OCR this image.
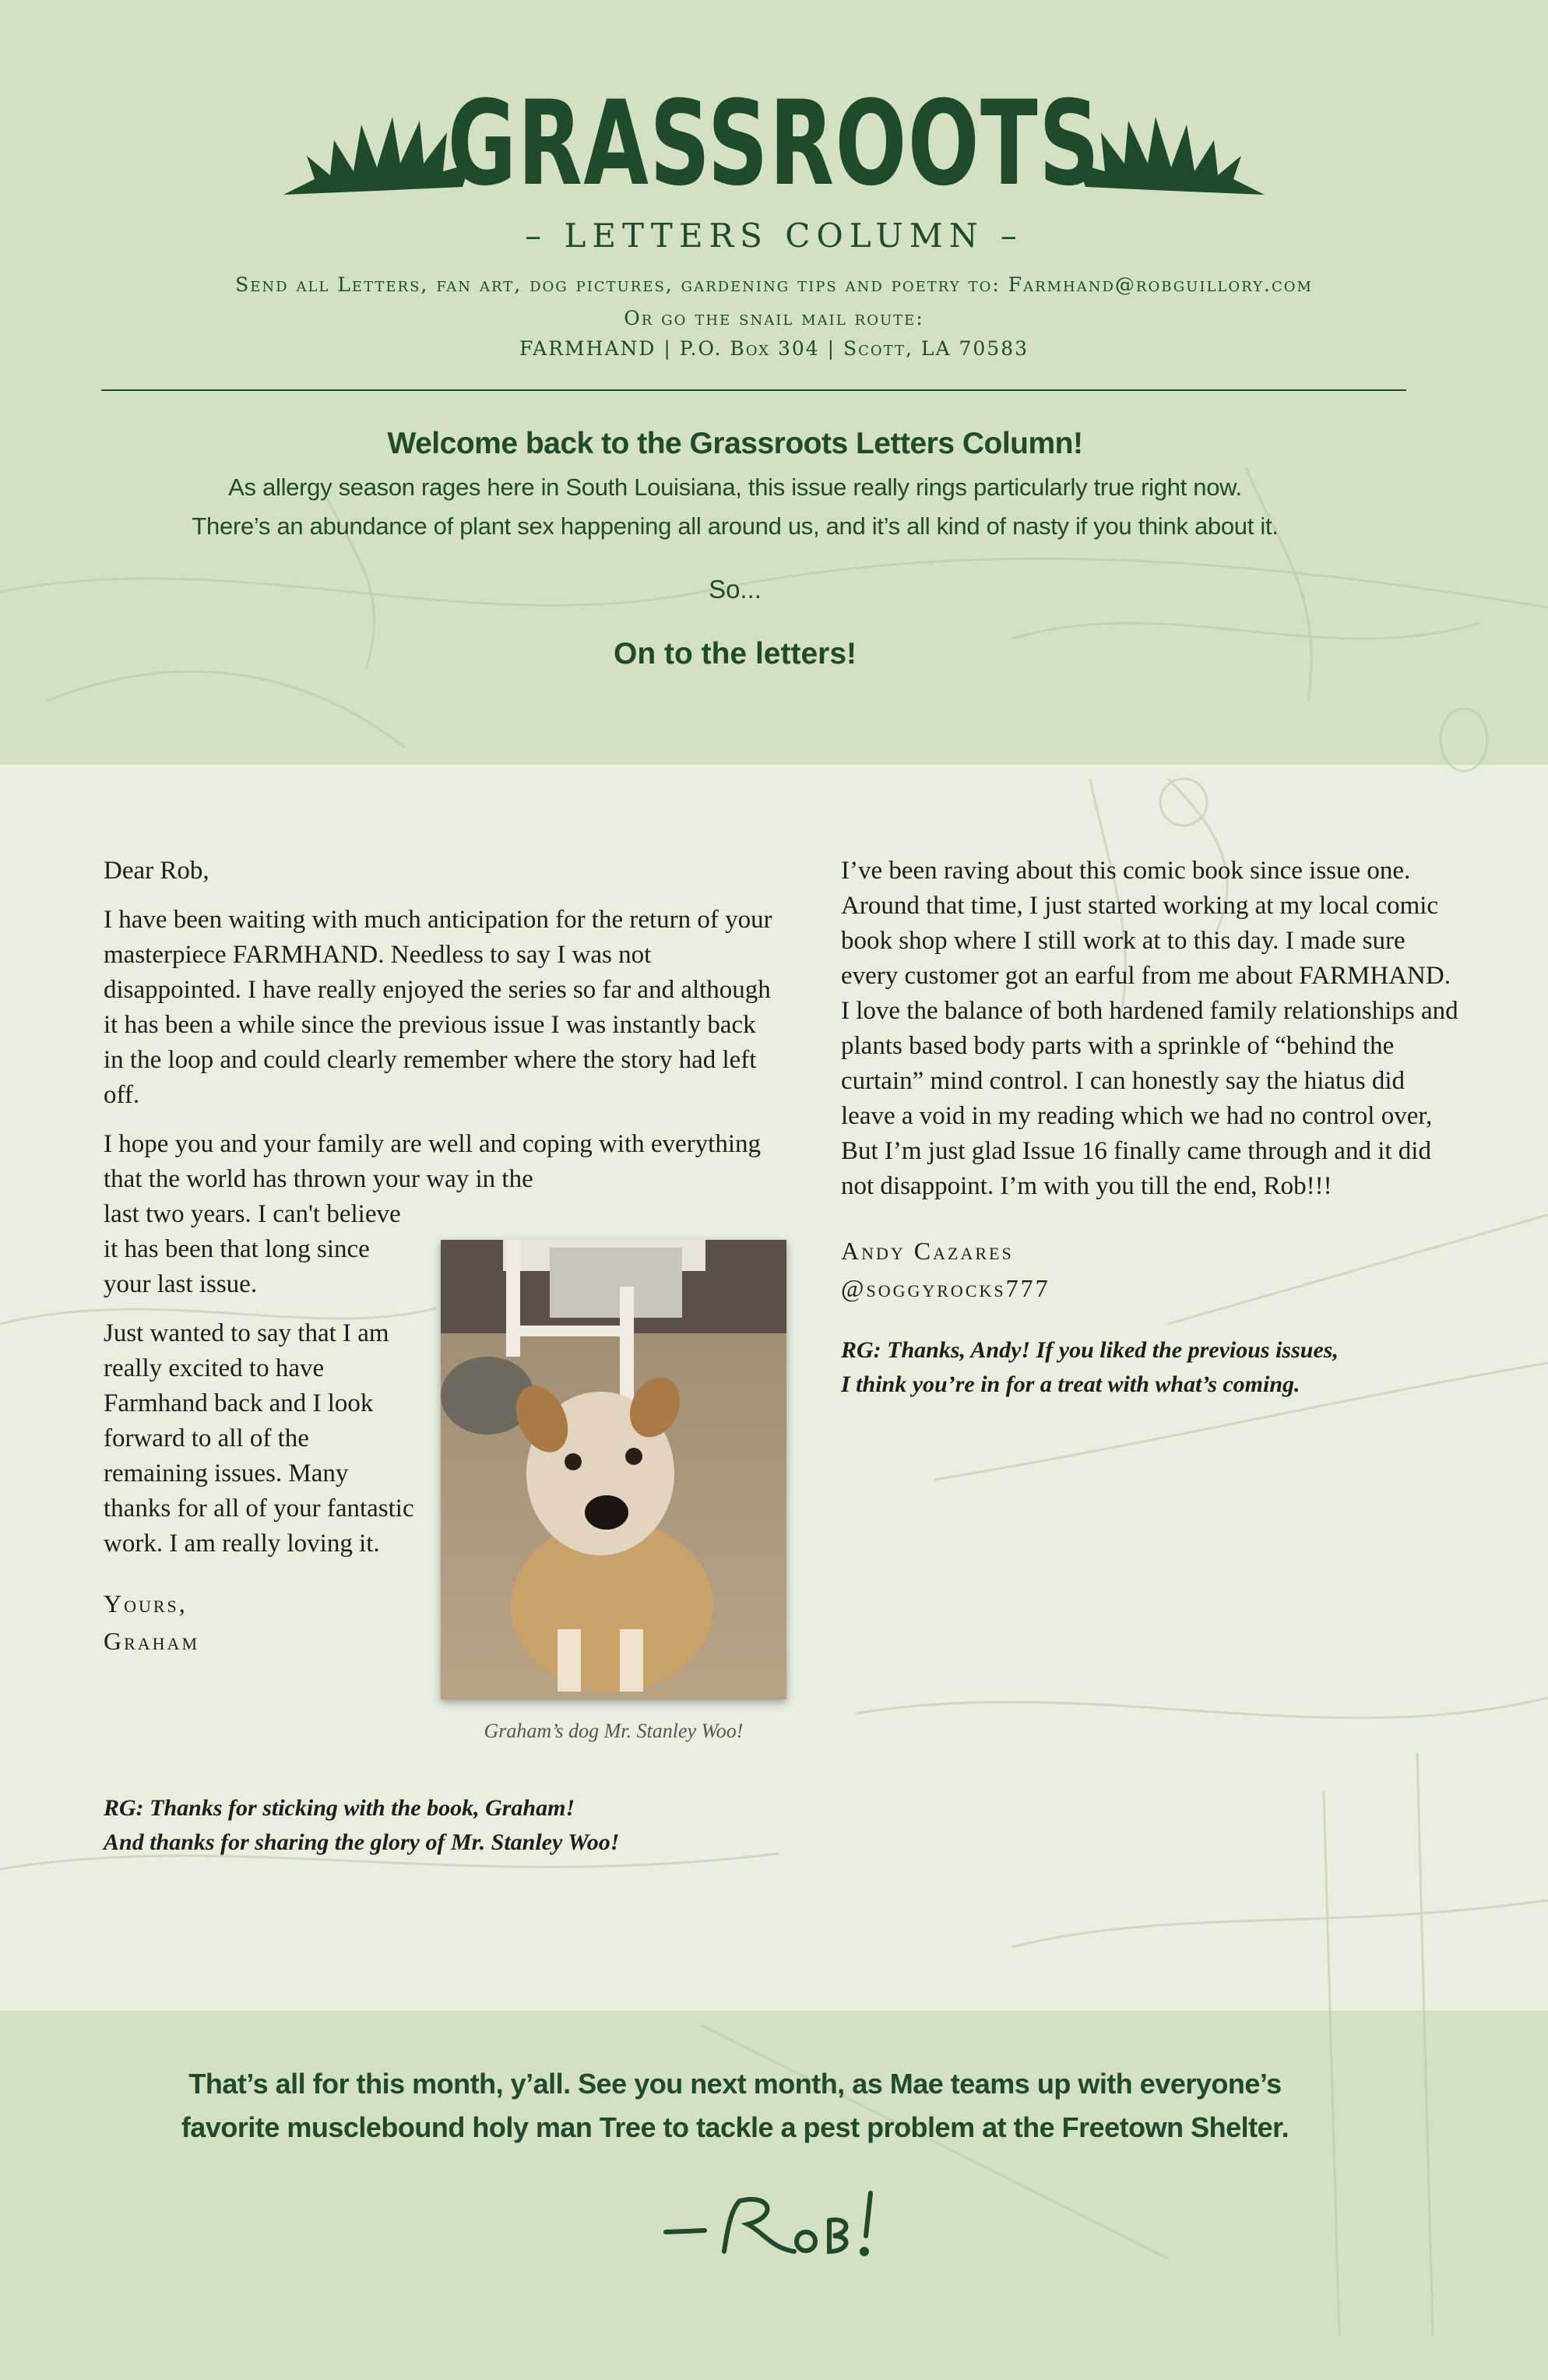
GRASSROOTS
– LETTERS COLUMN –
Send all Letters, fan art, dog pictures, gardening tips and poetry to: Farmhand@robguillory.com
Or go the snail mail route:
FARMHAND | P.O. Box 304 | Scott, LA 70583
Welcome back to the Grassroots Letters Column!
As allergy season rages here in South Louisiana, this issue really rings particularly true right now.
There’s an abundance of plant sex happening all around us, and it’s all kind of nasty if you think about it.
So...
On to the letters!

Dear Rob,

I have been waiting with much anticipation for the return of your masterpiece FARMHAND. Needless to say I was not disappointed. I have really enjoyed the series so far and although it has been a while since the previous issue I was instantly back in the loop and could clearly remember where the story had left off.

I hope you and your family are well and coping with everything that the world has thrown your way in the

last two years. I can't believe it has been that long since your last issue.

Just wanted to say that I am really excited to have Farmhand back and I look forward to all of the remaining issues. Many thanks for all of your fantastic work. I am really loving it.

Yours,
Graham
Graham’s dog Mr. Stanley Woo!
RG: Thanks for sticking with the book, Graham!
And thanks for sharing the glory of Mr. Stanley Woo!
I’ve been raving about this comic book since issue one. Around that time, I just started working at my local comic book shop where I still work at to this day. I made sure every customer got an earful from me about FARMHAND. I love the balance of both hardened family relationships and plants based body parts with a sprinkle of “behind the curtain” mind control. I can honestly say the hiatus did leave a void in my reading which we had no control over, But I’m just glad Issue 16 finally came through and it did not disappoint. I’m with you till the end, Rob!!!
Andy Cazares
@soggyrocks777
RG: Thanks, Andy! If you liked the previous issues,
I think you’re in for a treat with what’s coming.
That’s all for this month, y’all. See you next month, as Mae teams up with everyone’s
favorite musclebound holy man Tree to tackle a pest problem at the Freetown Shelter.
